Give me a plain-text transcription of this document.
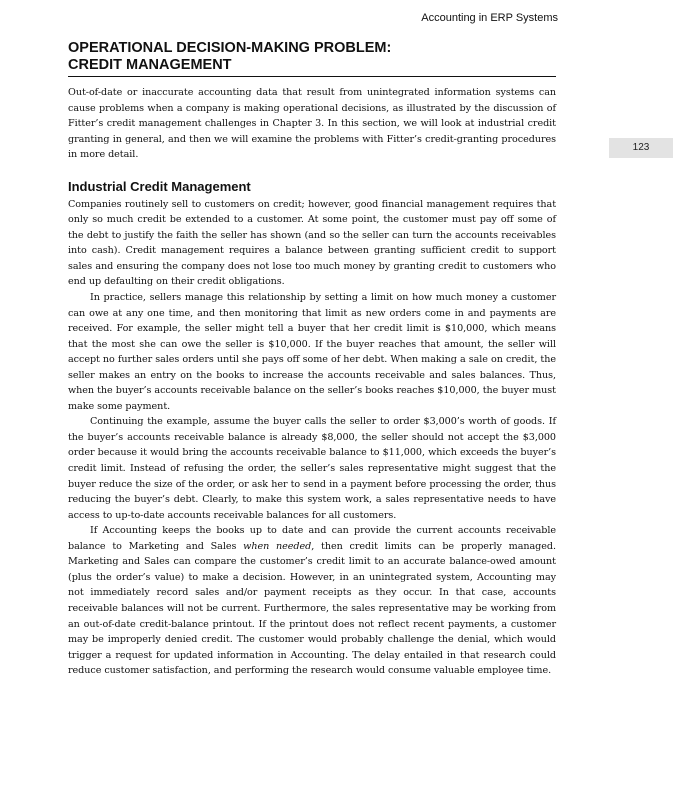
Accounting in ERP Systems
123
OPERATIONAL DECISION-MAKING PROBLEM:
CREDIT MANAGEMENT

Out-of-date or inaccurate accounting data that result from unintegrated information systems can cause problems when a company is making operational decisions, as illustrated by the discussion of Fitter’s credit management challenges in Chapter 3. In this section, we will look at industrial credit granting in general, and then we will examine the problems with Fitter’s credit-granting procedures in more detail.

Industrial Credit Management

Companies routinely sell to customers on credit; however, good financial management requires that only so much credit be extended to a customer. At some point, the customer must pay off some of the debt to justify the faith the seller has shown (and so the seller can turn the accounts receivables into cash). Credit management requires a balance between granting sufficient credit to support sales and ensuring the company does not lose too much money by granting credit to customers who end up defaulting on their credit obligations.

In practice, sellers manage this relationship by setting a limit on how much money a customer can owe at any one time, and then monitoring that limit as new orders come in and payments are received. For example, the seller might tell a buyer that her credit limit is $10,000, which means that the most she can owe the seller is $10,000. If the buyer reaches that amount, the seller will accept no further sales orders until she pays off some of her debt. When making a sale on credit, the seller makes an entry on the books to increase the accounts receivable and sales balances. Thus, when the buyer’s accounts receivable balance on the seller’s books reaches $10,000, the buyer must make some payment.

Continuing the example, assume the buyer calls the seller to order $3,000’s worth of goods. If the buyer’s accounts receivable balance is already $8,000, the seller should not accept the $3,000 order because it would bring the accounts receivable balance to $11,000, which exceeds the buyer’s credit limit. Instead of refusing the order, the seller’s sales representative might suggest that the buyer reduce the size of the order, or ask her to send in a payment before processing the order, thus reducing the buyer’s debt. Clearly, to make this system work, a sales representative needs to have access to up-to-date accounts receivable balances for all customers.

If Accounting keeps the books up to date and can provide the current accounts receivable balance to Marketing and Sales when needed, then credit limits can be properly managed. Marketing and Sales can compare the customer’s credit limit to an accurate balance-owed amount (plus the order’s value) to make a decision. However, in an unintegrated system, Accounting may not immediately record sales and/or payment receipts as they occur. In that case, accounts receivable balances will not be current. Furthermore, the sales representative may be working from an out-of-date credit-balance printout. If the printout does not reflect recent payments, a customer may be improperly denied credit. The customer would probably challenge the denial, which would trigger a request for updated information in Accounting. The delay entailed in that research could reduce customer satisfaction, and performing the research would consume valuable employee time.
